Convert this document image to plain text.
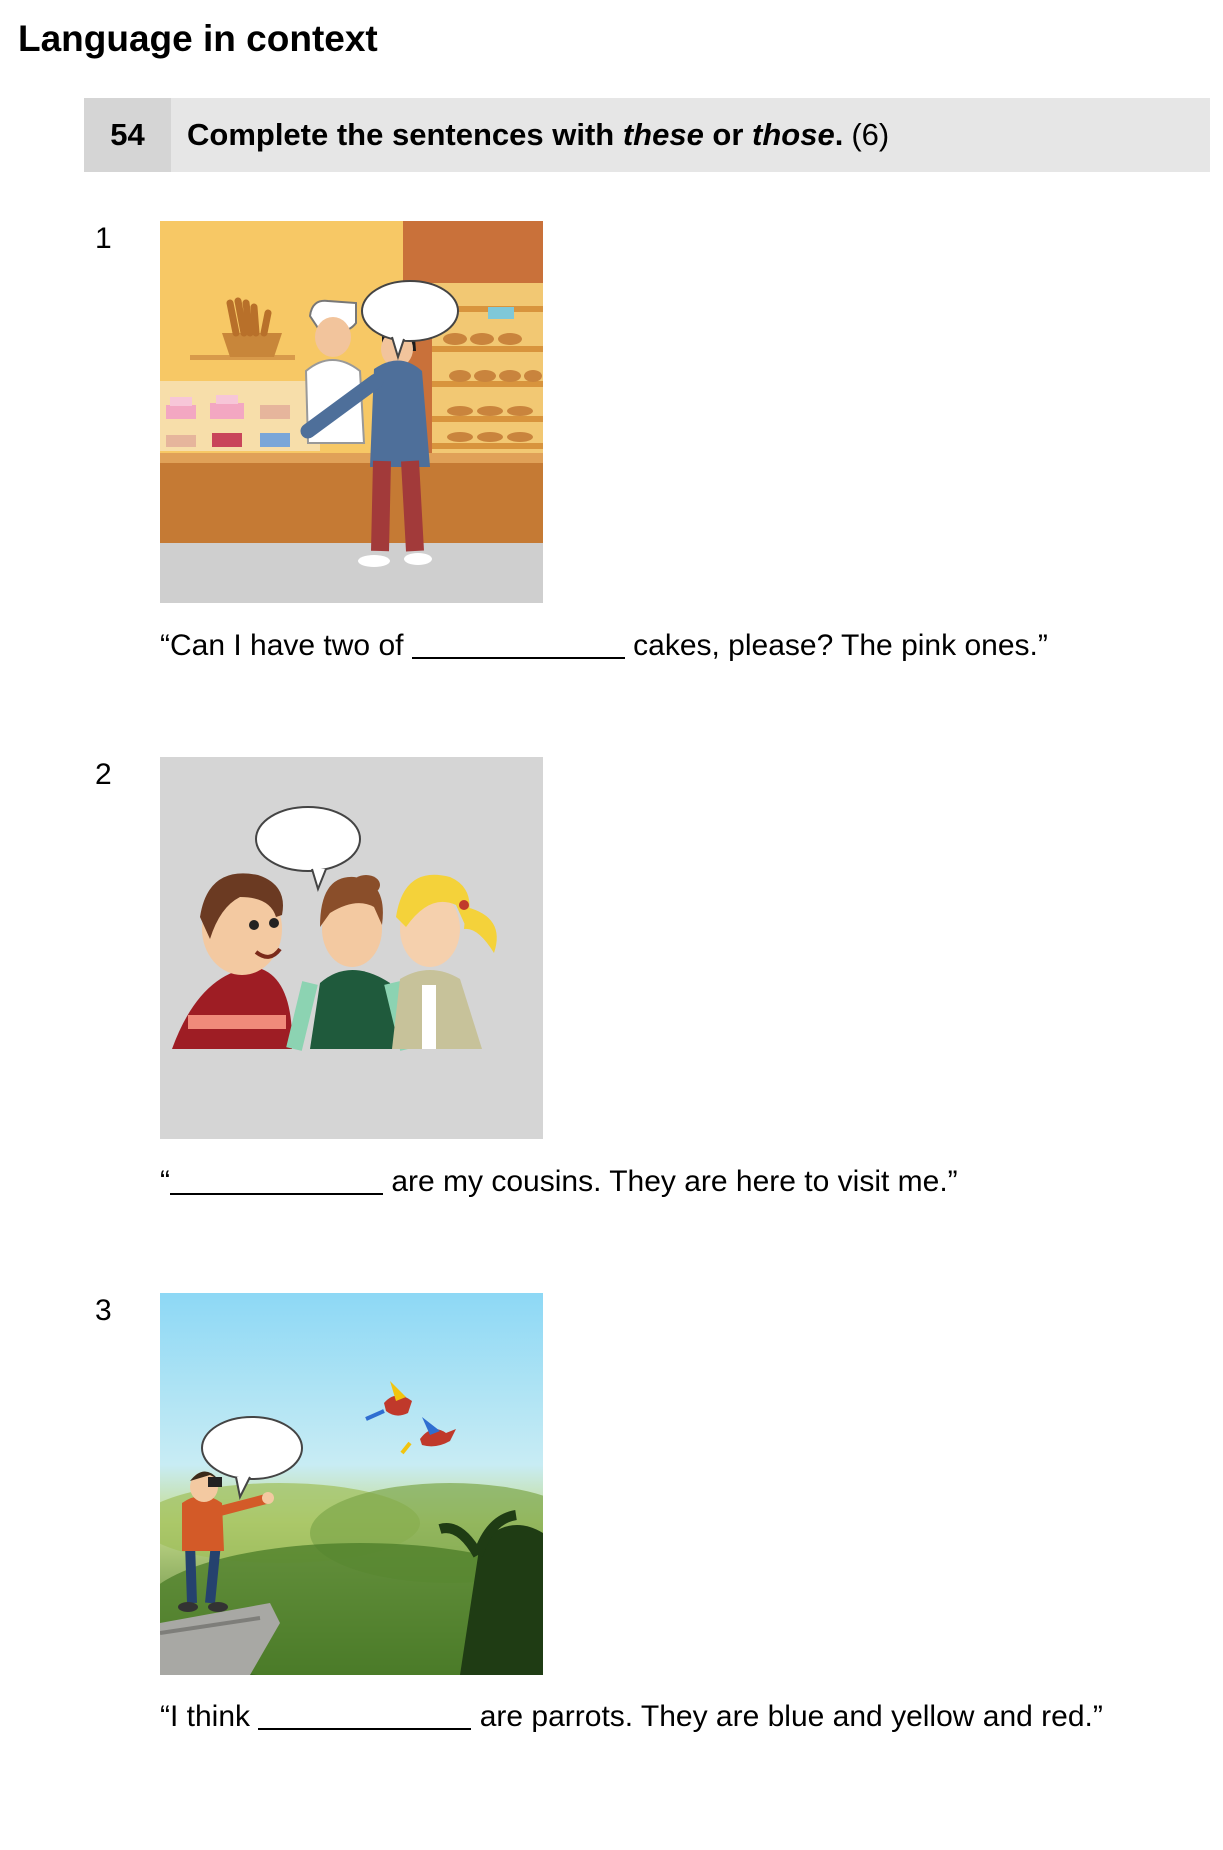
Language in context
54	Complete the sentences with these or those. (6)
1
“Can I have two of	cakes, please? The pink ones.”
2
“	are my cousins. They are here to visit me.”
3
“I think	are parrots. They are blue and yellow and red.”
